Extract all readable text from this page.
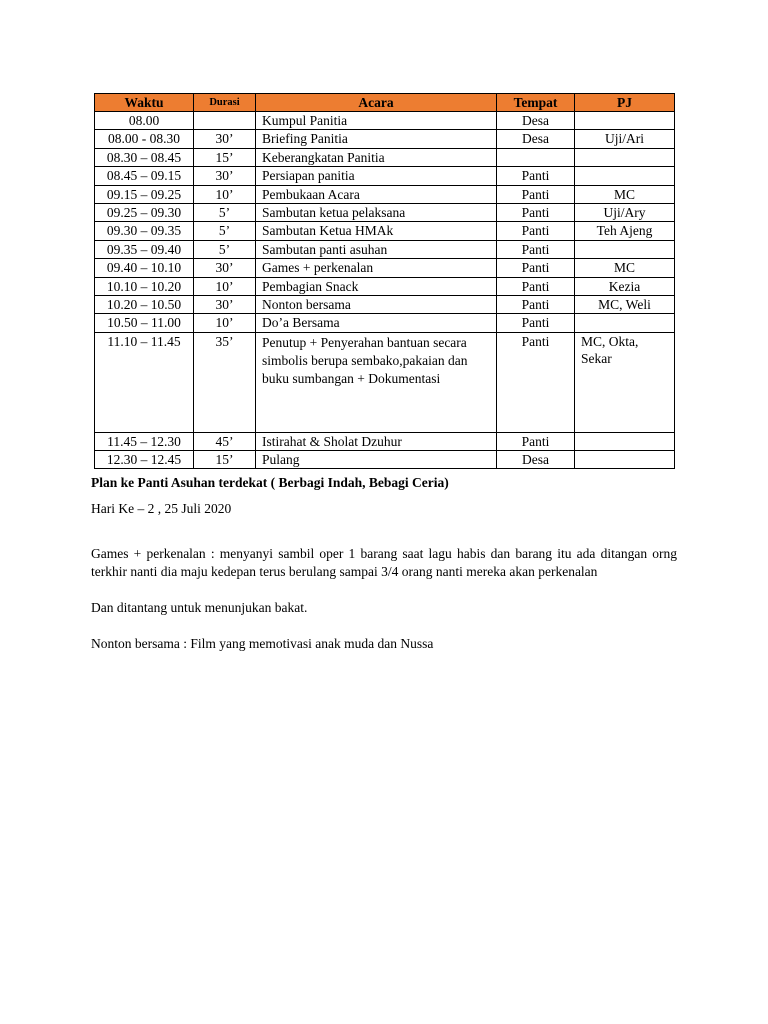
Waktu	Durasi	Acara	Tempat	PJ
08.00		Kumpul Panitia	Desa	
08.00 - 08.30	30’	Briefing Panitia	Desa	Uji/Ari
08.30 – 08.45	15’	Keberangkatan Panitia		
08.45 – 09.15	30’	Persiapan panitia	Panti	
09.15 – 09.25	10’	Pembukaan Acara	Panti	MC
09.25 – 09.30	5’	Sambutan ketua pelaksana	Panti	Uji/Ary
09.30 – 09.35	5’	Sambutan Ketua HMAk	Panti	Teh Ajeng
09.35 – 09.40	5’	Sambutan panti asuhan	Panti	
09.40 – 10.10	30’	Games + perkenalan	Panti	MC
10.10 – 10.20	10’	Pembagian Snack	Panti	Kezia
10.20 – 10.50	30’	Nonton bersama	Panti	MC, Weli
10.50 – 11.00	10’	Do’a Bersama	Panti	
11.10 – 11.45	35’	Penutup + Penyerahan bantuan secara simbolis berupa sembako,pakaian dan buku sumbangan + Dokumentasi	Panti	MC, Okta,
Sekar

11.45 – 12.30	45’	Istirahat & Sholat Dzuhur	Panti	
12.30 – 12.45	15’	Pulang	Desa	

Plan ke Panti Asuhan terdekat ( Berbagi Indah, Bebagi Ceria)

Hari Ke – 2 , 25 Juli 2020

Games + perkenalan : menyanyi sambil oper 1 barang saat lagu habis dan barang itu ada ditangan orng terkhir nanti dia maju kedepan terus berulang sampai 3/4 orang nanti mereka akan perkenalan

Dan ditantang untuk menunjukan bakat.

Nonton bersama : Film yang memotivasi anak muda dan Nussa
